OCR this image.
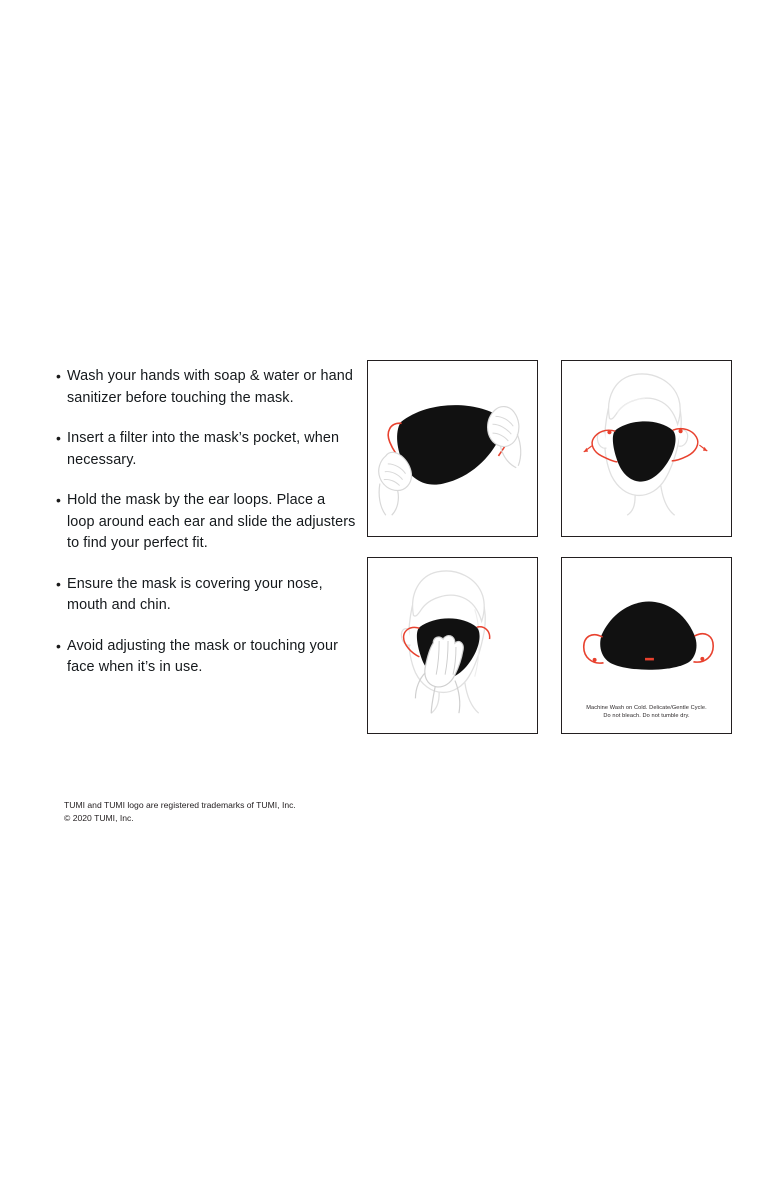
• Wash your hands with soap & water or hand sanitizer before touching the mask.
• Insert a filter into the mask’s pocket, when necessary.
• Hold the mask by the ear loops. Place a loop around each ear and slide the adjusters to find your perfect fit.
• Ensure the mask is covering your nose, mouth and chin.
• Avoid adjusting the mask or touching your face when it’s in use.
Machine Wash on Cold. Delicate/Gentle Cycle.
Do not bleach. Do not tumble dry.
TUMI and TUMI logo are registered trademarks of TUMI, Inc.
© 2020 TUMI, Inc.
